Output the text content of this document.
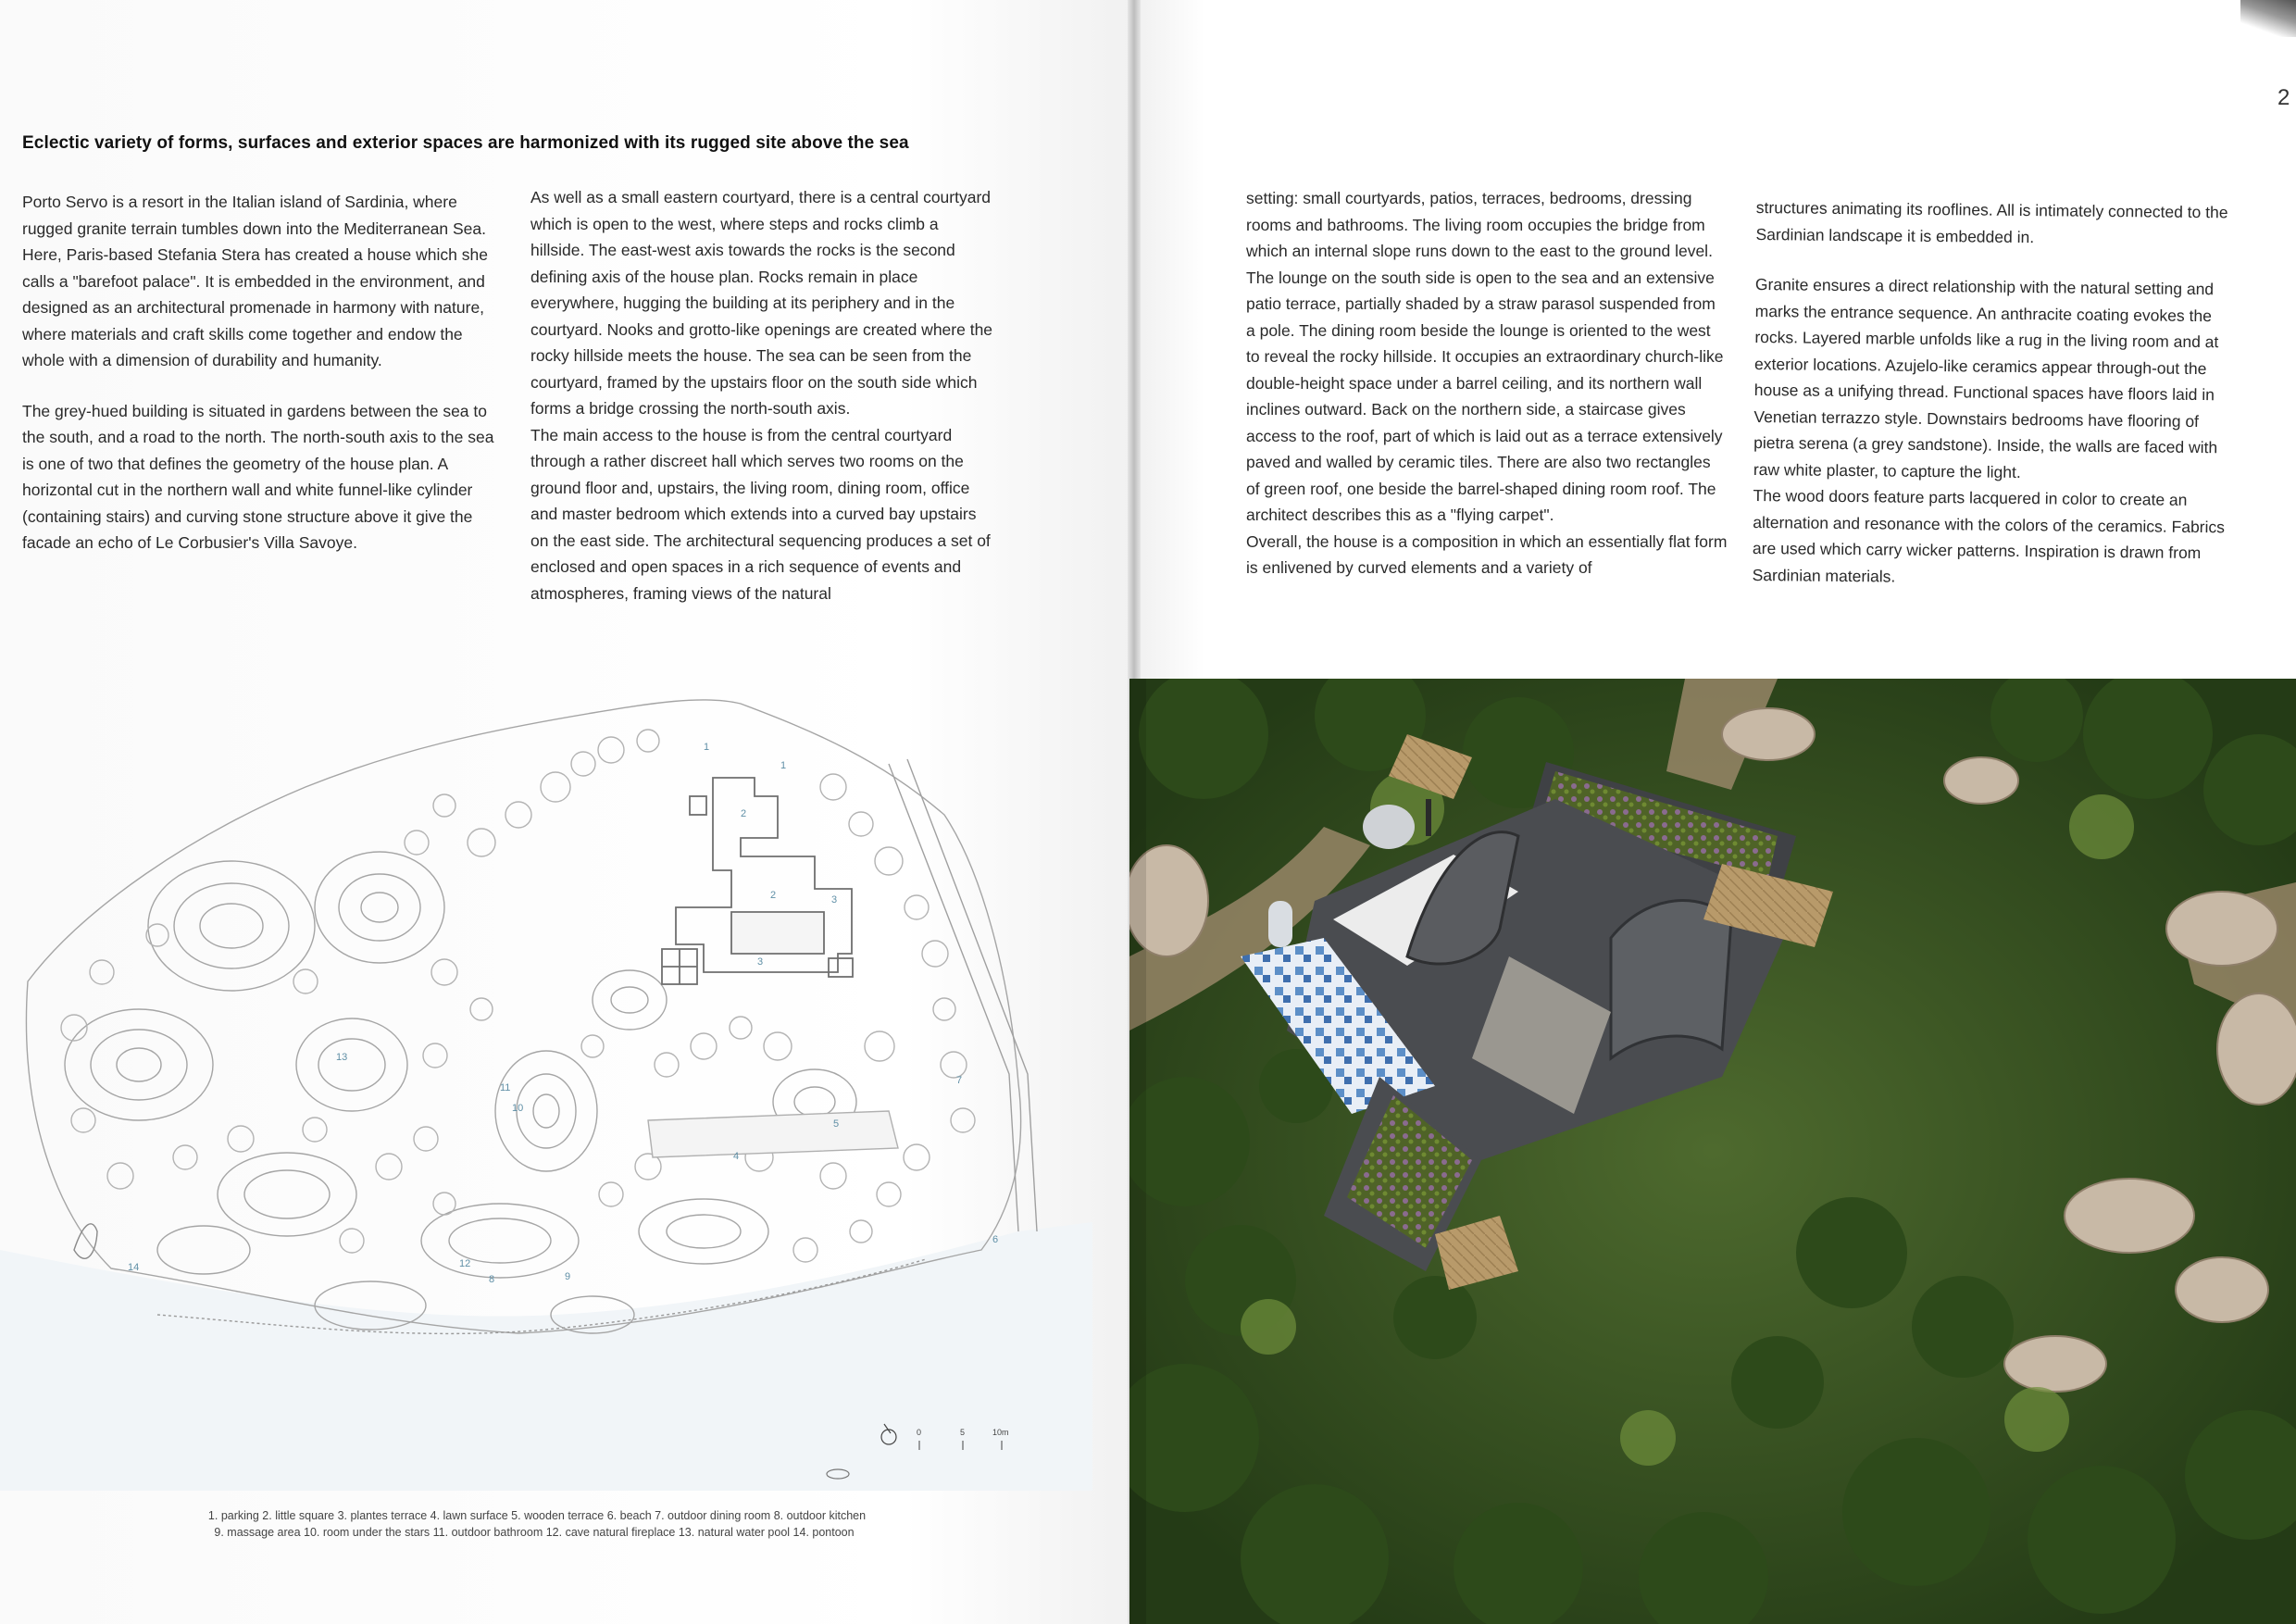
2
Eclectic variety of forms, surfaces and exterior spaces are harmonized with its rugged site above the sea

Porto Servo is a resort in the Italian island of Sardinia, where rugged granite terrain tumbles down into the Mediterranean Sea. Here, Paris-based Stefania Stera has created a house which she calls a "barefoot palace". It is embedded in the environment, and designed as an architectural promenade in harmony with nature, where materials and craft skills come together and endow the whole with a dimension of durability and humanity.

The grey-hued building is situated in gardens between the sea to the south, and a road to the north. The north-south axis to the sea is one of two that defines the geometry of the house plan. A horizontal cut in the northern wall and white funnel-like cylinder (containing stairs) and curving stone structure above it give the facade an echo of Le Corbusier's Villa Savoye.

As well as a small eastern courtyard, there is a central courtyard which is open to the west, where steps and rocks climb a hillside. The east-west axis towards the rocks is the second defining axis of the house plan. Rocks remain in place everywhere, hugging the building at its periphery and in the courtyard. Nooks and grotto-like openings are created where the rocky hillside meets the house. The sea can be seen from the courtyard, framed by the upstairs floor on the south side which forms a bridge crossing the north-south axis.

The main access to the house is from the central courtyard through a rather discreet hall which serves two rooms on the ground floor and, upstairs, the living room, dining room, office and master bedroom which extends into a curved bay upstairs on the east side. The architectural sequencing produces a set of enclosed and open spaces in a rich sequence of events and atmospheres, framing views of the natural

setting: small courtyards, patios, terraces, bedrooms, dressing rooms and bathrooms. The living room occupies the bridge from which an internal slope runs down to the east to the ground level. The lounge on the south side is open to the sea and an extensive patio terrace, partially shaded by a straw parasol suspended from a pole. The dining room beside the lounge is oriented to the west to reveal the rocky hillside. It occupies an extraordinary church-like double-height space under a barrel ceiling, and its northern wall inclines outward. Back on the northern side, a staircase gives access to the roof, part of which is laid out as a terrace extensively paved and walled by ceramic tiles. There are also two rectangles of green roof, one beside the barrel-shaped dining room roof. The architect describes this as a "flying carpet".

Overall, the house is a composition in which an essentially flat form is enlivened by curved elements and a variety of

structures animating its rooflines. All is intimately connected to the Sardinian landscape it is embedded in.

Granite ensures a direct relationship with the natural setting and marks the entrance sequence. An anthracite coating evokes the rocks. Layered marble unfolds like a rug in the living room and at exterior locations. Azujelo-like ceramics appear through-out the house as a unifying thread. Functional spaces have floors laid in Venetian terrazzo style. Downstairs bedrooms have flooring of pietra serena (a grey sandstone). Inside, the walls are faced with raw white plaster, to capture the light.

The wood doors feature parts lacquered in color to create an alternation and resonance with the colors of the ceramics. Fabrics are used which carry wicker patterns. Inspiration is drawn from Sardinian materials.

1
1
2
2	3
3
4
5
6
7
8	9
10
11
12
13
14
0	5	10m
1. parking 2. little square 3. plantes terrace 4. lawn surface 5. wooden terrace 6. beach 7. outdoor dining room 8. outdoor kitchen
9. massage area 10. room under the stars 11. outdoor bathroom 12. cave natural fireplace 13. natural water pool 14. pontoon
